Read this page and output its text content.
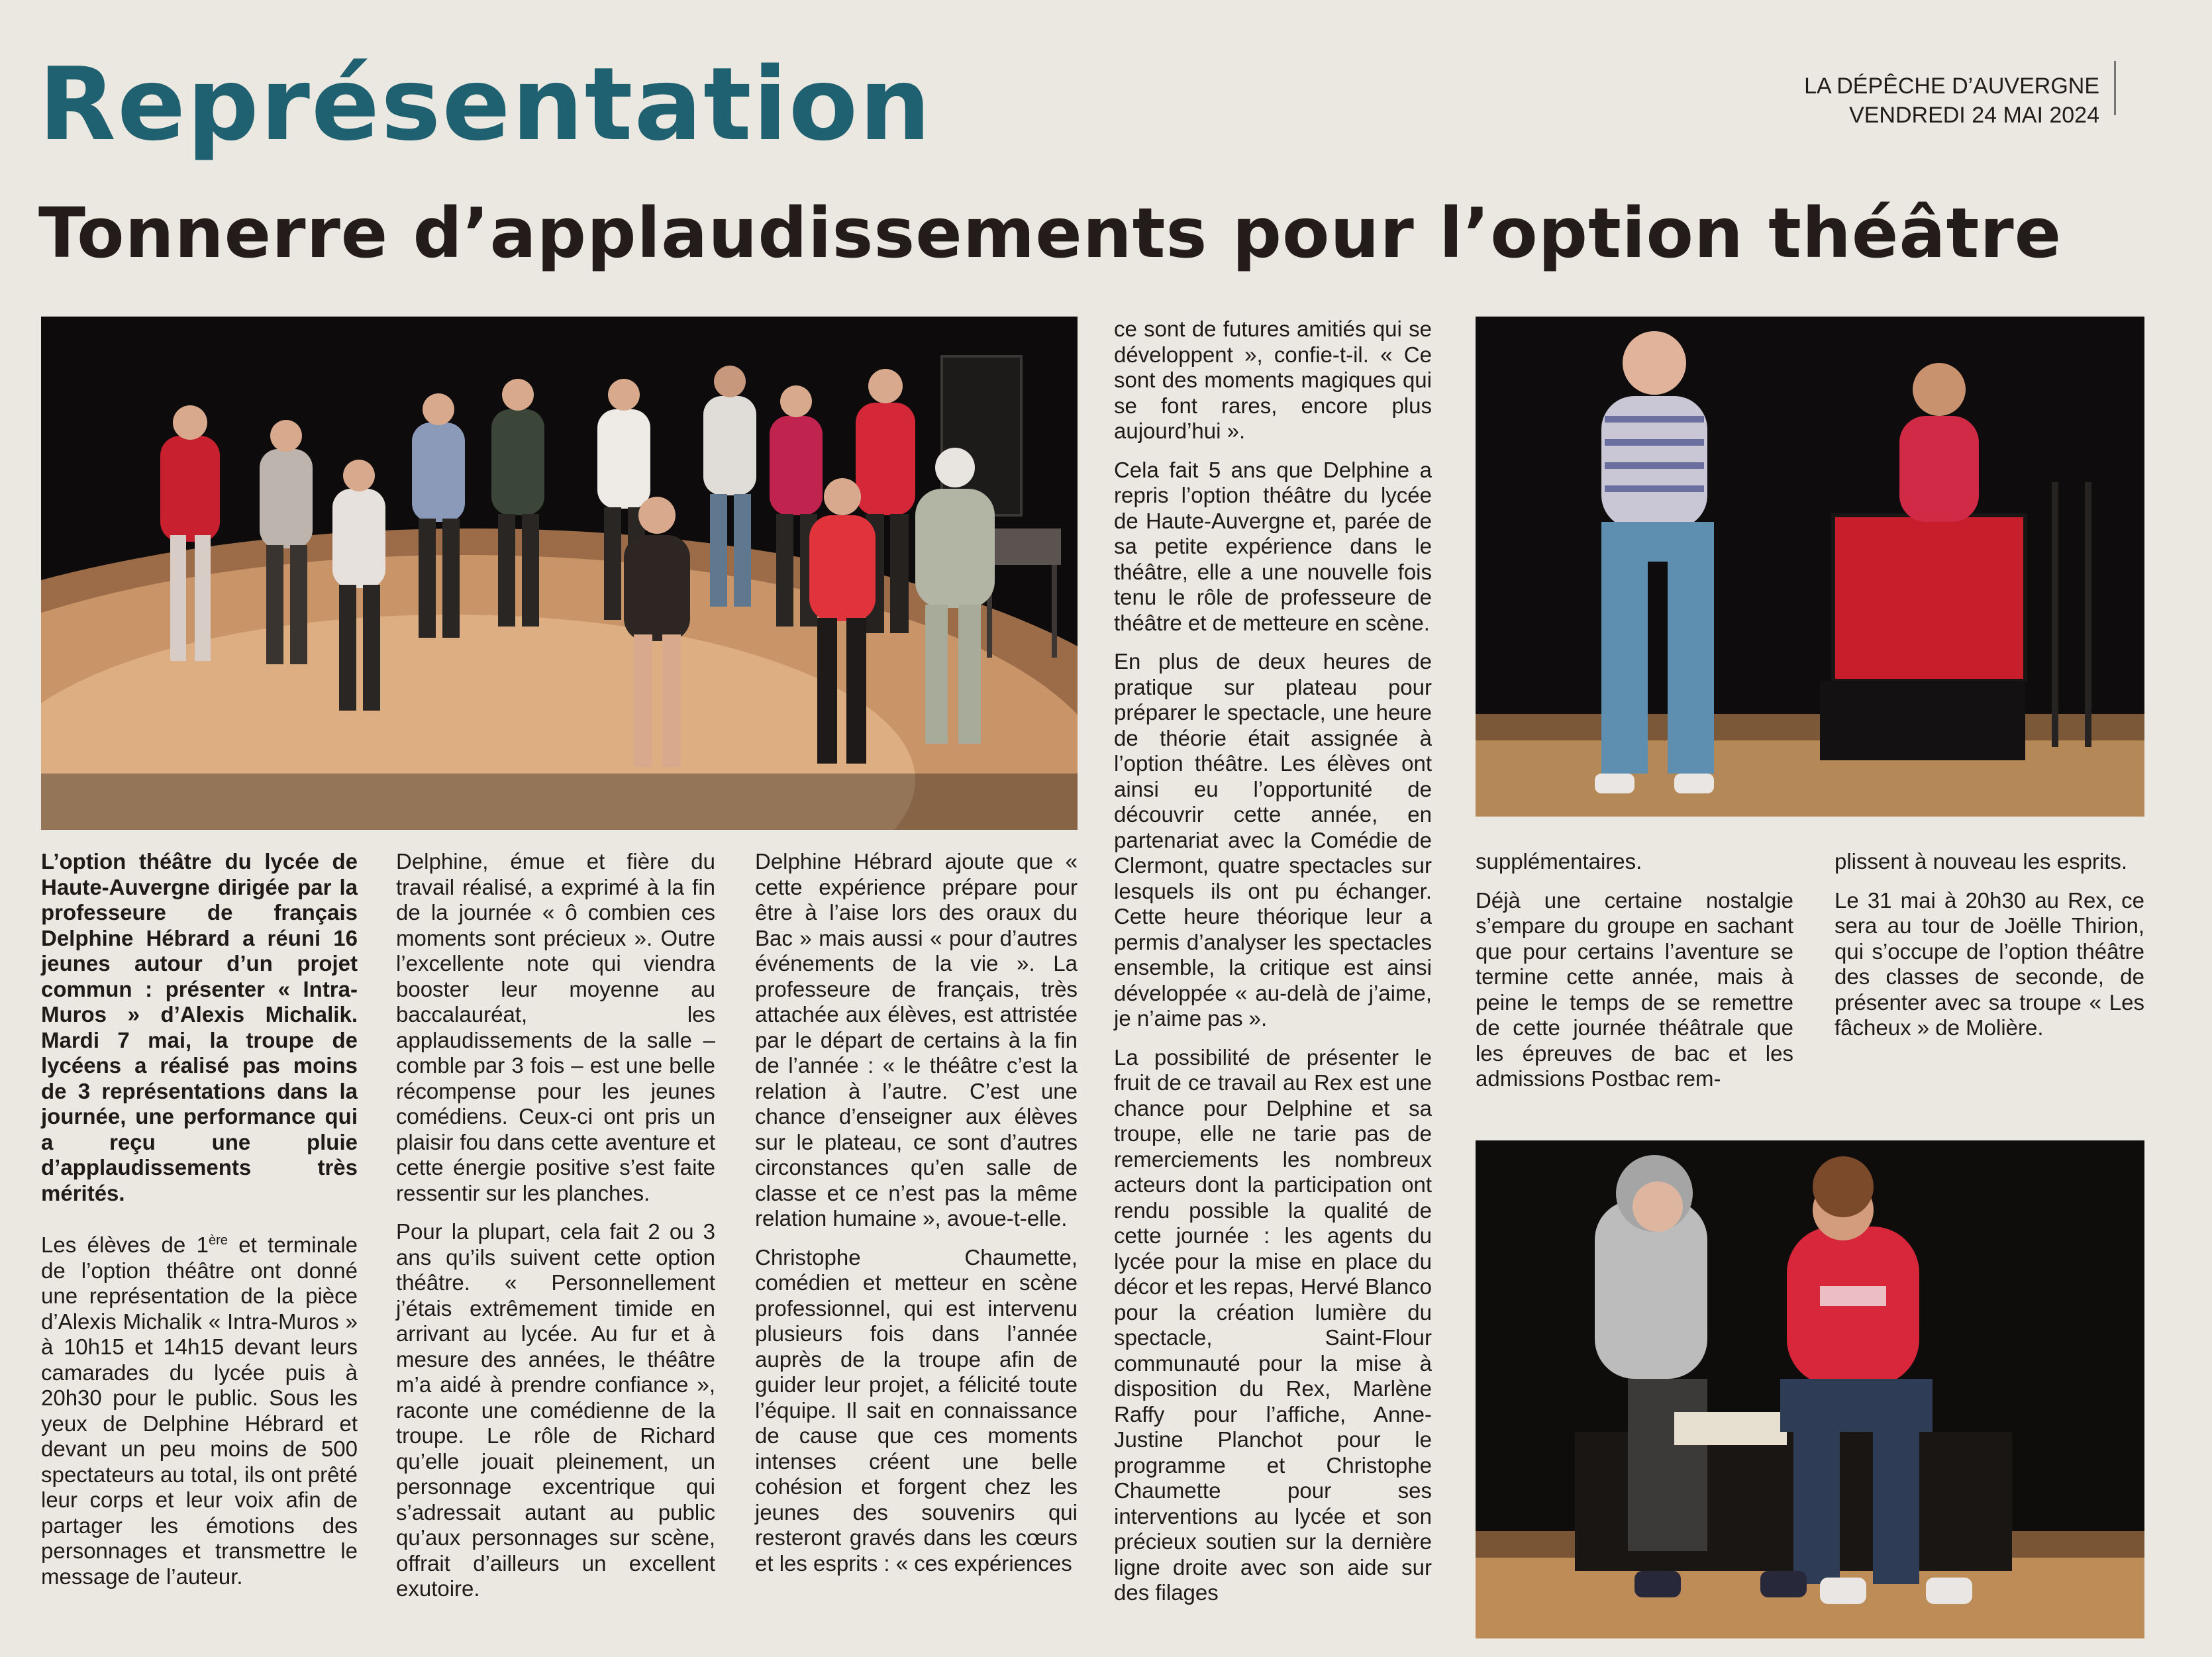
Représentation	LA DÉPÊCHE D’AUVERGNE
VENDREDI 24 MAI 2024
Tonnerre d’applaudissements pour l’option théâtre

L’option théâtre du lycée de Haute-Auvergne dirigée par la professeure de français Delphine Hébrard a réuni 16 jeunes autour d’un projet commun : présenter « Intra-Muros » d’Alexis Michalik. Mardi 7 mai, la troupe de lycéens a réalisé pas moins de 3 représentations dans la journée, une performance qui a reçu une pluie d’applaudissements très mérités.

Les élèves de 1ère et terminale de l’option théâtre ont donné une représentation de la pièce d’Alexis Michalik « Intra-Muros » à 10h15 et 14h15 devant leurs camarades du lycée puis à 20h30 pour le public. Sous les yeux de Delphine Hébrard et devant un peu moins de 500 spectateurs au total, ils ont prêté leur corps et leur voix afin de partager les émotions des personnages et transmettre le message de l’auteur.

Delphine, émue et fière du travail réalisé, a exprimé à la fin de la journée « ô combien ces moments sont précieux ». Outre l’excellente note qui viendra booster leur moyenne au baccalauréat, les applaudissements de la salle – comble par 3 fois – est une belle récompense pour les jeunes comédiens. Ceux-ci ont pris un plaisir fou dans cette aventure et cette énergie positive s’est faite ressentir sur les planches.

Pour la plupart, cela fait 2 ou 3 ans qu’ils suivent cette option théâtre. « Personnellement j’étais extrêmement timide en arrivant au lycée. Au fur et à mesure des années, le théâtre m’a aidé à prendre confiance », raconte une comédienne de la troupe. Le rôle de Richard qu’elle jouait pleinement, un personnage excentrique qui s’adressait autant au public qu’aux personnages sur scène, offrait d’ailleurs un excellent exutoire.

Delphine Hébrard ajoute que « cette expérience prépare pour être à l’aise lors des oraux du Bac » mais aussi « pour d’autres événements de la vie ». La professeure de français, très attachée aux élèves, est attristée par le départ de certains à la fin de l’année : « le théâtre c’est la relation à l’autre. C’est une chance d’enseigner aux élèves sur le plateau, ce sont d’autres circonstances qu’en salle de classe et ce n’est pas la même relation humaine », avoue-t-elle.

Christophe Chaumette, comédien et metteur en scène professionnel, qui est intervenu plusieurs fois dans l’année auprès de la troupe afin de guider leur projet, a félicité toute l’équipe. Il sait en connaissance de cause que ces moments intenses créent une belle cohésion et forgent chez les jeunes des souvenirs qui resteront gravés dans les cœurs et les esprits : « ces expériences

ce sont de futures amitiés qui se développent », confie-t-il. « Ce sont des moments magiques qui se font rares, encore plus aujourd’hui ».

Cela fait 5 ans que Delphine a repris l’option théâtre du lycée de Haute-Auvergne et, parée de sa petite expérience dans le théâtre, elle a une nouvelle fois tenu le rôle de professeure de théâtre et de metteure en scène.

En plus de deux heures de pratique sur plateau pour préparer le spectacle, une heure de théorie était assignée à l’option théâtre. Les élèves ont ainsi eu l’opportunité de découvrir cette année, en partenariat avec la Comédie de Clermont, quatre spectacles sur lesquels ils ont pu échanger. Cette heure théorique leur a permis d’analyser les spectacles ensemble, la critique est ainsi développée « au-delà de j’aime, je n’aime pas ».

La possibilité de présenter le fruit de ce travail au Rex est une chance pour Delphine et sa troupe, elle ne tarie pas de remerciements les nombreux acteurs dont la participation ont rendu possible la qualité de cette journée : les agents du lycée pour la mise en place du décor et les repas, Hervé Blanco pour la création lumière du spectacle, Saint-Flour communauté pour la mise à disposition du Rex, Marlène Raffy pour l’affiche, Anne-Justine Planchot pour le programme et Christophe Chaumette pour ses interventions au lycée et son précieux soutien sur la dernière ligne droite avec son aide sur des filages

supplémentaires.

Déjà une certaine nostalgie s’empare du groupe en sachant que pour certains l’aventure se termine cette année, mais à peine le temps de se remettre de cette journée théâtrale que les épreuves de bac et les admissions Postbac rem-

plissent à nouveau les esprits.

Le 31 mai à 20h30 au Rex, ce sera au tour de Joëlle Thirion, qui s’occupe de l’option théâtre des classes de seconde, de présenter avec sa troupe « Les fâcheux » de Molière.
